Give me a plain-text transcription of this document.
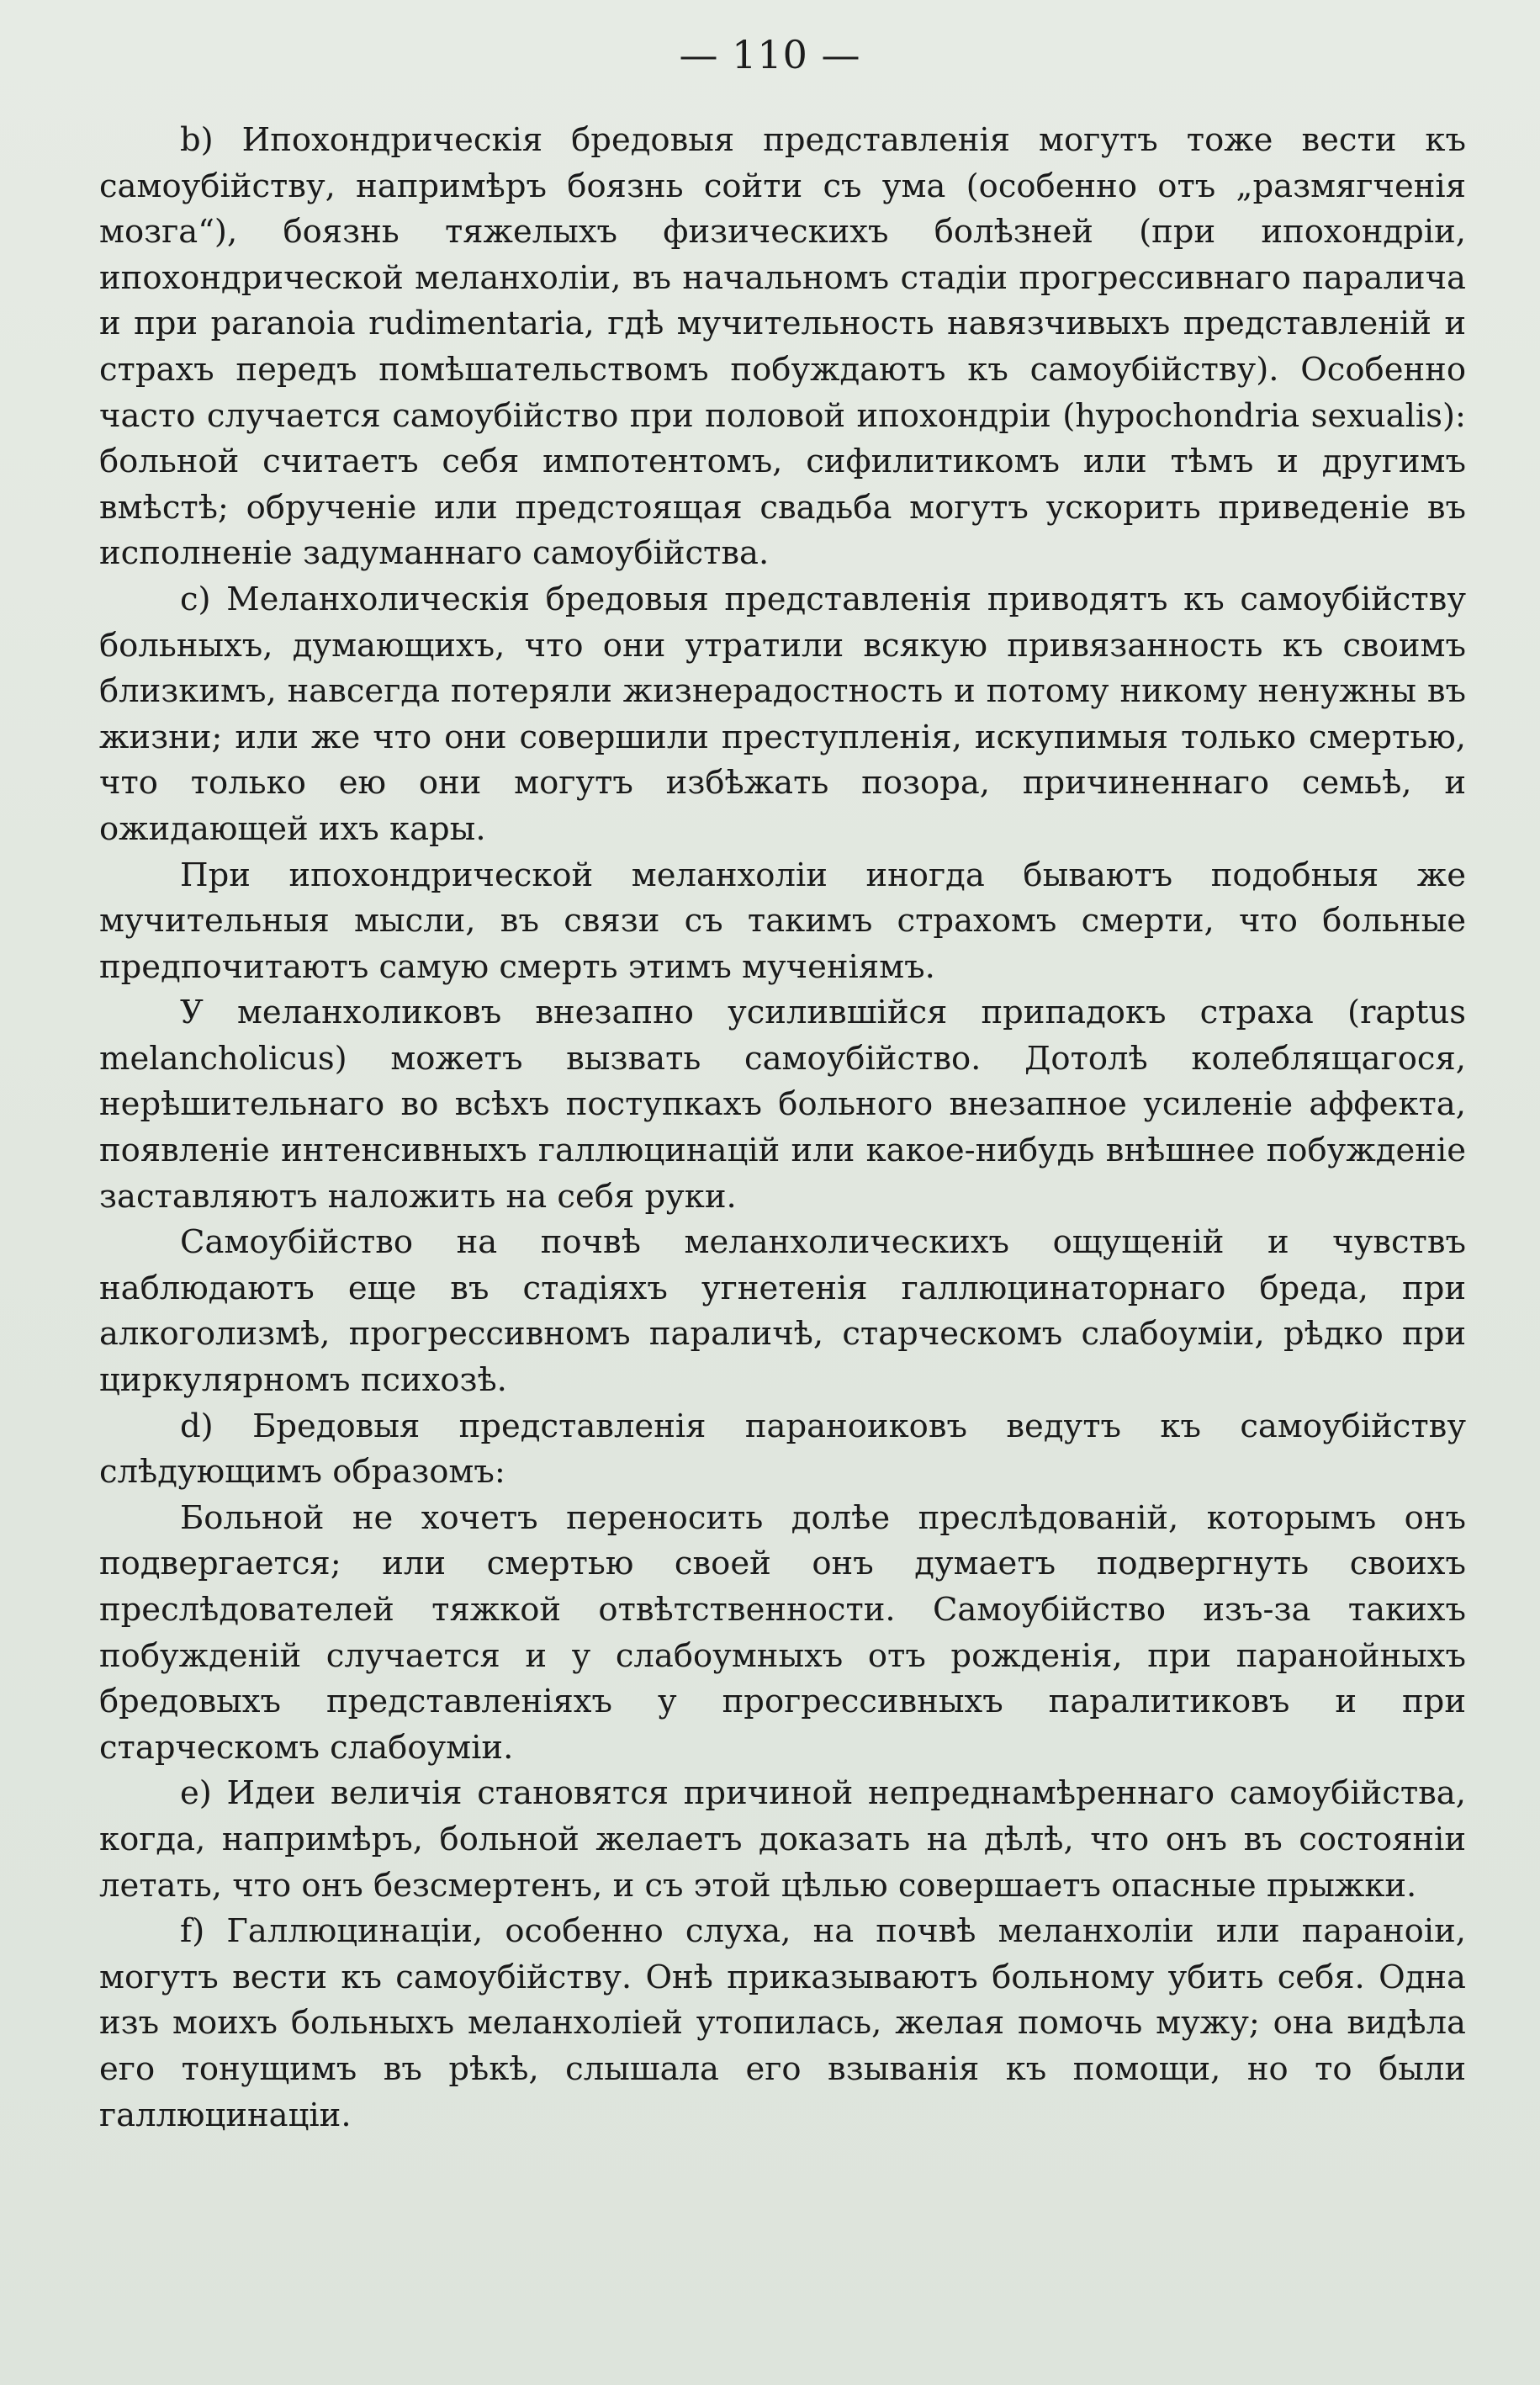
— 110 —

b) Ипохондрическія бредовыя представленія могутъ тоже вести къ самоубійству, напримѣръ боязнь сойти съ ума (особенно отъ „размягченія мозга“), боязнь тяжелыхъ физическихъ болѣзней (при ипохондріи, ипохондрической меланхоліи, въ начальномъ стадіи прогрессивнаго паралича и при paranoia rudimentaria, гдѣ мучительность навязчивыхъ представленій и страхъ передъ помѣшательствомъ побуждаютъ къ самоубійству). Особенно часто случается самоубійство при половой ипохондріи (hypochondria sexualis): больной считаетъ себя импотентомъ, сифилитикомъ или тѣмъ и другимъ вмѣстѣ; обрученіе или предстоящая свадьба могутъ ускорить приведеніе въ исполненіе задуманнаго самоубійства.

c) Меланхолическія бредовыя представленія приводятъ къ самоубійству больныхъ, думающихъ, что они утратили всякую привязанность къ своимъ близкимъ, навсегда потеряли жизнерадостность и потому никому ненужны въ жизни; или же что они совершили преступленія, искупимыя только смертью, что только ею они могутъ избѣжать позора, причиненнаго семьѣ, и ожидающей ихъ кары.

При ипохондрической меланхоліи иногда бываютъ подобныя же мучительныя мысли, въ связи съ такимъ страхомъ смерти, что больные предпочитаютъ самую смерть этимъ мученіямъ.

У меланхоликовъ внезапно усилившійся припадокъ страха (raptus melancholicus) можетъ вызвать самоубійство. Дотолѣ колеблящагося, нерѣшительнаго во всѣхъ поступкахъ больного внезапное усиленіе аффекта, появленіе интенсивныхъ галлюцинацій или какое-нибудь внѣшнее побужденіе заставляютъ наложить на себя руки.

Самоубійство на почвѣ меланхолическихъ ощущеній и чувствъ наблюдаютъ еще въ стадіяхъ угнетенія галлюцинаторнаго бреда, при алкоголизмѣ, прогрессивномъ параличѣ, старческомъ слабоуміи, рѣдко при циркулярномъ психозѣ.

d) Бредовыя представленія параноиковъ ведутъ къ самоубійству слѣдующимъ образомъ:

Больной не хочетъ переносить долѣе преслѣдованій, которымъ онъ подвергается; или смертью своей онъ думаетъ подвергнуть своихъ преслѣдователей тяжкой отвѣтственности. Самоубійство изъ-за такихъ побужденій случается и у слабоумныхъ отъ рожденія, при паранойныхъ бредовыхъ представленіяхъ у прогрессивныхъ паралитиковъ и при старческомъ слабоуміи.

e) Идеи величія становятся причиной непреднамѣреннаго самоубійства, когда, напримѣръ, больной желаетъ доказать на дѣлѣ, что онъ въ состояніи летать, что онъ безсмертенъ, и съ этой цѣлью совершаетъ опасные прыжки.

f) Галлюцинаціи, особенно слуха, на почвѣ меланхоліи или параноіи, могутъ вести къ самоубійству. Онѣ приказываютъ больному убить себя. Одна изъ моихъ больныхъ меланхоліей утопилась, желая помочь мужу; она видѣла его тонущимъ въ рѣкѣ, слышала его взыванія къ помощи, но то были галлюцинаціи.
